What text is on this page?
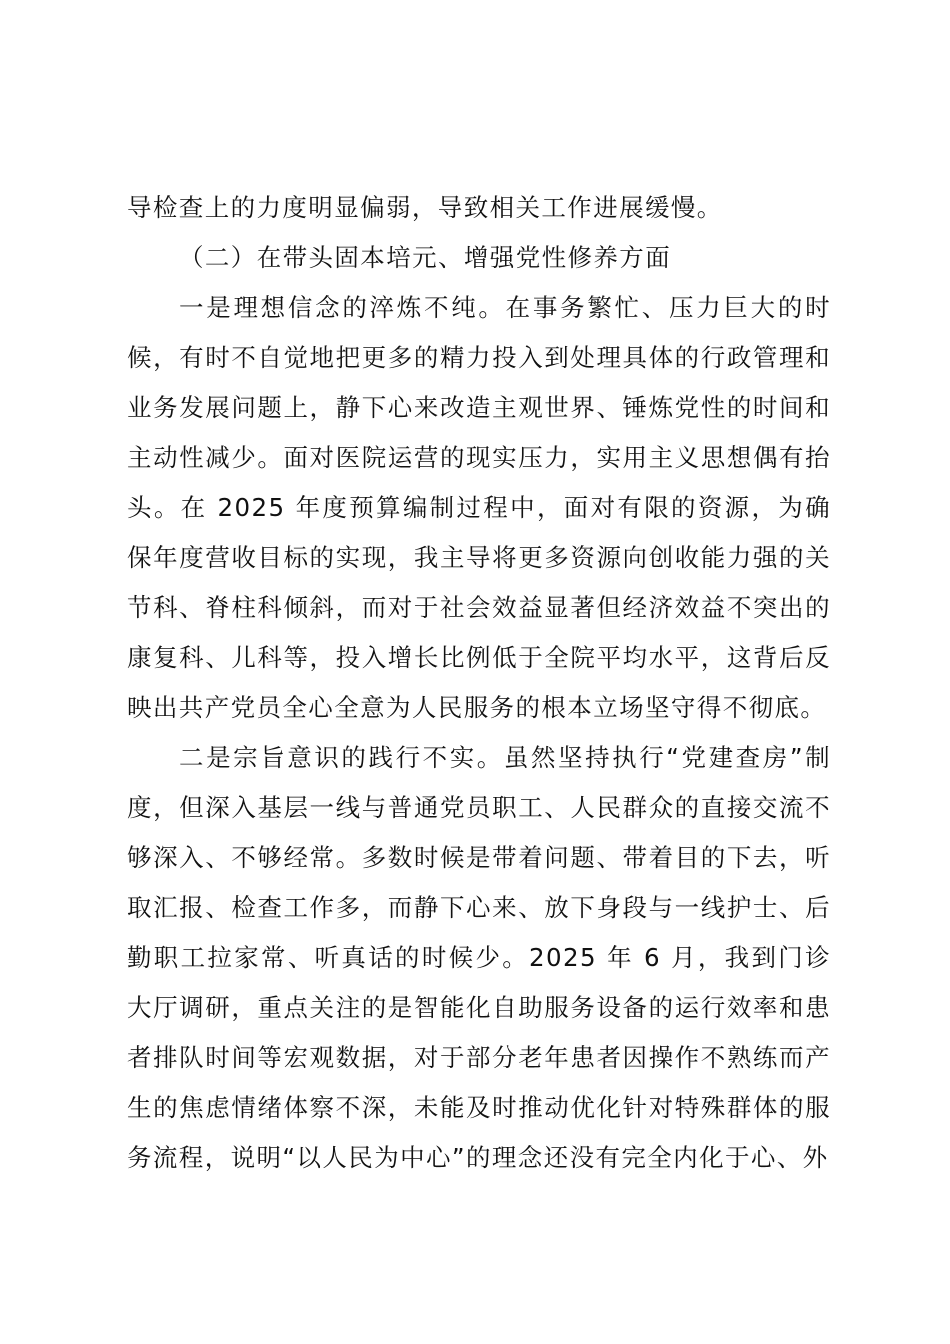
导检查上的力度明显偏弱，导致相关工作进展缓慢。

（二）在带头固本培元、增强党性修养方面

一是理想信念的淬炼不纯。在事务繁忙、压力巨大的时候，有时不自觉地把更多的精力投入到处理具体的行政管理和业务发展问题上，静下心来改造主观世界、锤炼党性的时间和主动性减少。面对医院运营的现实压力，实用主义思想偶有抬头。在 2025 年度预算编制过程中，面对有限的资源，为确保年度营收目标的实现，我主导将更多资源向创收能力强的关节科、脊柱科倾斜，而对于社会效益显著但经济效益不突出的康复科、儿科等，投入增长比例低于全院平均水平，这背后反映出共产党员全心全意为人民服务的根本立场坚守得不彻底。

二是宗旨意识的践行不实。虽然坚持执行“党建查房”制度，但深入基层一线与普通党员职工、人民群众的直接交流不够深入、不够经常。多数时候是带着问题、带着目的下去，听取汇报、检查工作多，而静下心来、放下身段与一线护士、后勤职工拉家常、听真话的时候少。2025 年 6 月，我到门诊大厅调研，重点关注的是智能化自助服务设备的运行效率和患者排队时间等宏观数据，对于部分老年患者因操作不熟练而产生的焦虑情绪体察不深，未能及时推动优化针对特殊群体的服务流程，说明“以人民为中心”的理念还没有完全内化于心、外
